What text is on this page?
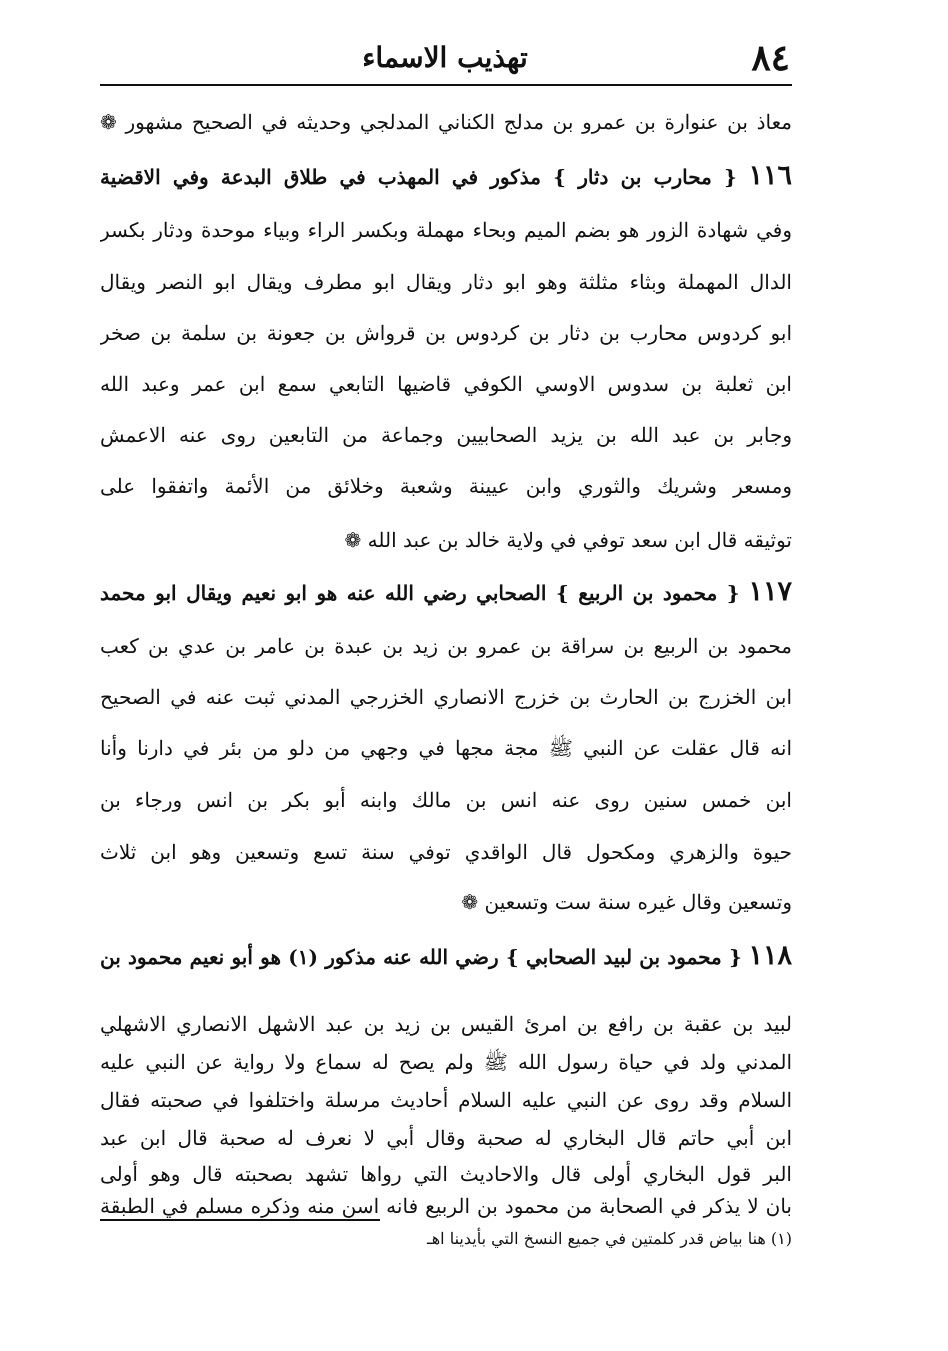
٨٤
تهذيب الاسماء
معاذ بن عنوارة بن عمرو بن مدلج الكناني المدلجي وحديثه في الصحيح مشهور ❁
١١٦ { محارب بن دثار } مذكور في المهذب في طلاق البدعة وفي الاقضية
وفي شهادة الزور هو بضم الميم وبحاء مهملة وبكسر الراء وبياء موحدة ودثار بكسر
الدال المهملة وبثاء مثلثة وهو ابو دثار ويقال ابو مطرف ويقال ابو النصر ويقال
ابو كردوس محارب بن دثار بن كردوس بن قرواش بن جعونة بن سلمة بن صخر
ابن ثعلبة بن سدوس الاوسي الكوفي قاضيها التابعي سمع ابن عمر وعبد الله
وجابر بن عبد الله بن يزيد الصحابيين وجماعة من التابعين روى عنه الاعمش
ومسعر وشريك والثوري وابن عيينة وشعبة وخلائق من الأئمة واتفقوا على
توثيقه قال ابن سعد توفي في ولاية خالد بن عبد الله ❁
١١٧ { محمود بن الربيع } الصحابي رضي الله عنه هو ابو نعيم ويقال ابو محمد
محمود بن الربيع بن سراقة بن عمرو بن زيد بن عبدة بن عامر بن عدي بن كعب
ابن الخزرج بن الحارث بن خزرج الانصاري الخزرجي المدني ثبت عنه في الصحيح
انه قال عقلت عن النبي ﷺ مجة مجها في وجهي من دلو من بئر في دارنا وأنا
ابن خمس سنين روى عنه انس بن مالك وابنه أبو بكر بن انس ورجاء بن
حيوة والزهري ومكحول قال الواقدي توفي سنة تسع وتسعين وهو ابن ثلاث
وتسعين وقال غيره سنة ست وتسعين ❁
١١٨ { محمود بن لبيد الصحابي } رضي الله عنه مذكور (١) هو أبو نعيم محمود بن
لبيد بن عقبة بن رافع بن امرئ القيس بن زيد بن عبد الاشهل الانصاري الاشهلي
المدني ولد في حياة رسول الله ﷺ ولم يصح له سماع ولا رواية عن النبي عليه
السلام وقد روى عن النبي عليه السلام أحاديث مرسلة واختلفوا في صحبته فقال
ابن أبي حاتم قال البخاري له صحبة وقال أبي لا نعرف له صحبة قال ابن عبد
(١) هنا بياض قدر كلمتين في جميع النسخ التي بأيدينا اهـ
البر قول البخاري أولى قال والاحاديث التي رواها تشهد بصحبته قال وهو أولى
بان لا يذكر في الصحابة من محمود بن الربيع فانه اسن منه وذكره مسلم في الطبقة
